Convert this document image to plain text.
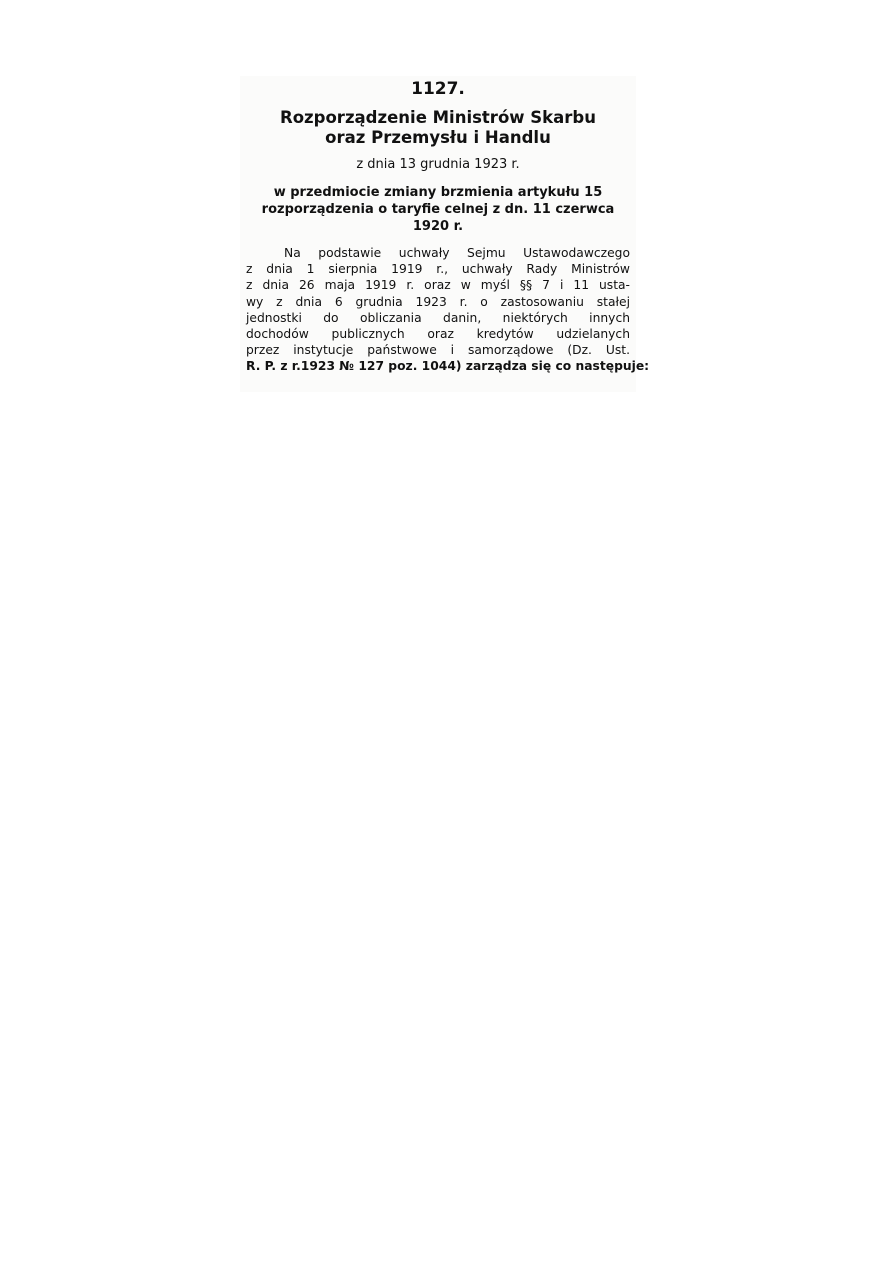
1127.
Rozporządzenie Ministrów Skarbu
oraz Przemysłu i Handlu
z dnia 13 grudnia 1923 r.
w przedmiocie zmiany brzmienia artykułu 15
rozporządzenia o taryfie celnej z dn. 11 czerwca
1920 r.
Na podstawie uchwały Sejmu Ustawodawczego
z dnia 1 sierpnia 1919 r., uchwały Rady Ministrów
z dnia 26 maja 1919 r. oraz w myśl §§ 7 i 11 usta-
wy z dnia 6 grudnia 1923 r. o zastosowaniu stałej
jednostki do obliczania danin, niektórych innych
dochodów publicznych oraz kredytów udzielanych
przez instytucje państwowe i samorządowe (Dz. Ust.
R. P. z r.1923 № 127 poz. 1044) zarządza się co następuje:
